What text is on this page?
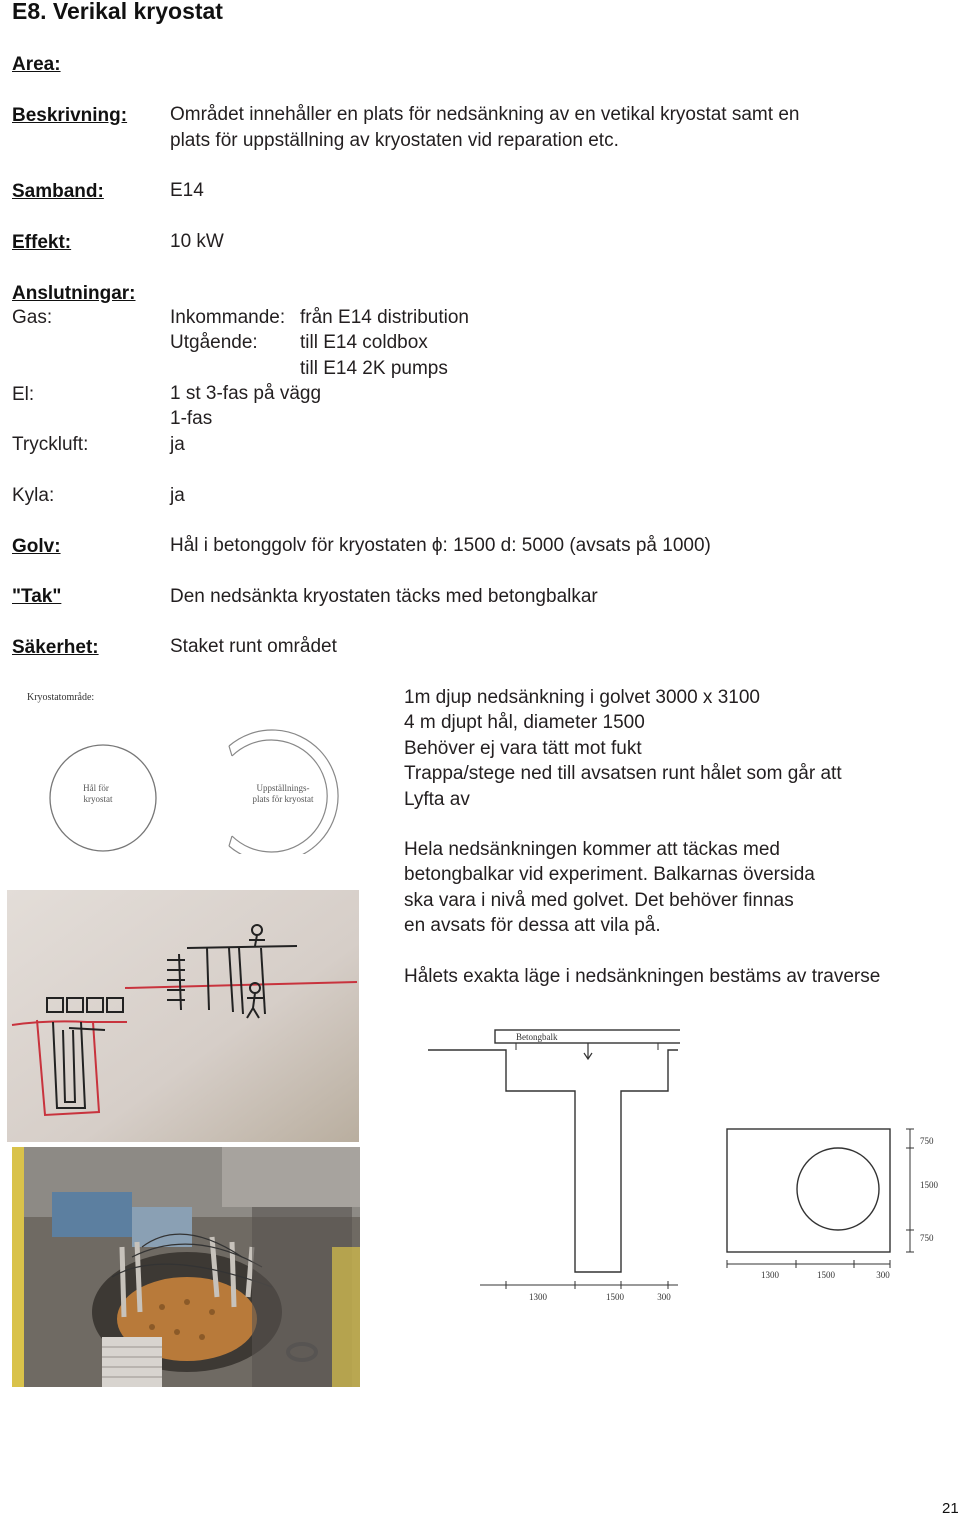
E8. Verikal kryostat
Area:
Beskrivning: Området innehåller en plats för nedsänkning av en vetikal kryostat samt en
plats för uppställning av kryostaten vid reparation etc.
Samband:	E14
Effekt:	10 kW
Anslutningar:
Gas:	Inkommande: från E14 distribution
Utgående: till E14 coldbox
till E14 2K pumps
El:	1 st 3-fas på vägg
1-fas
Tryckluft:	ja
Kyla:	ja
Golv:	Hål i betonggolv för kryostaten ϕ: 1500 d: 5000 (avsats på 1000)
"Tak"	Den nedsänkta kryostaten täcks med betongbalkar
Säkerhet:	Staket runt området
1m djup nedsänkning i golvet 3000 x 3100
4 m djupt hål, diameter 1500
Behöver ej vara tätt mot fukt
Trappa/stege ned till avsatsen runt hålet som går att
Lyfta av
Hela nedsänkningen kommer att täckas med
betongbalkar vid experiment. Balkarnas översida
ska vara i nivå med golvet. Det behöver finnas
en avsats för dessa att vila på.
Hålets exakta läge i nedsänkningen bestäms av traverse
Kryostatområde:
Hål för
kryostat
Uppställnings-
plats för kryostat
Betongbalk
1300	1500	300
750
1500
750
1300	1500	300
21
